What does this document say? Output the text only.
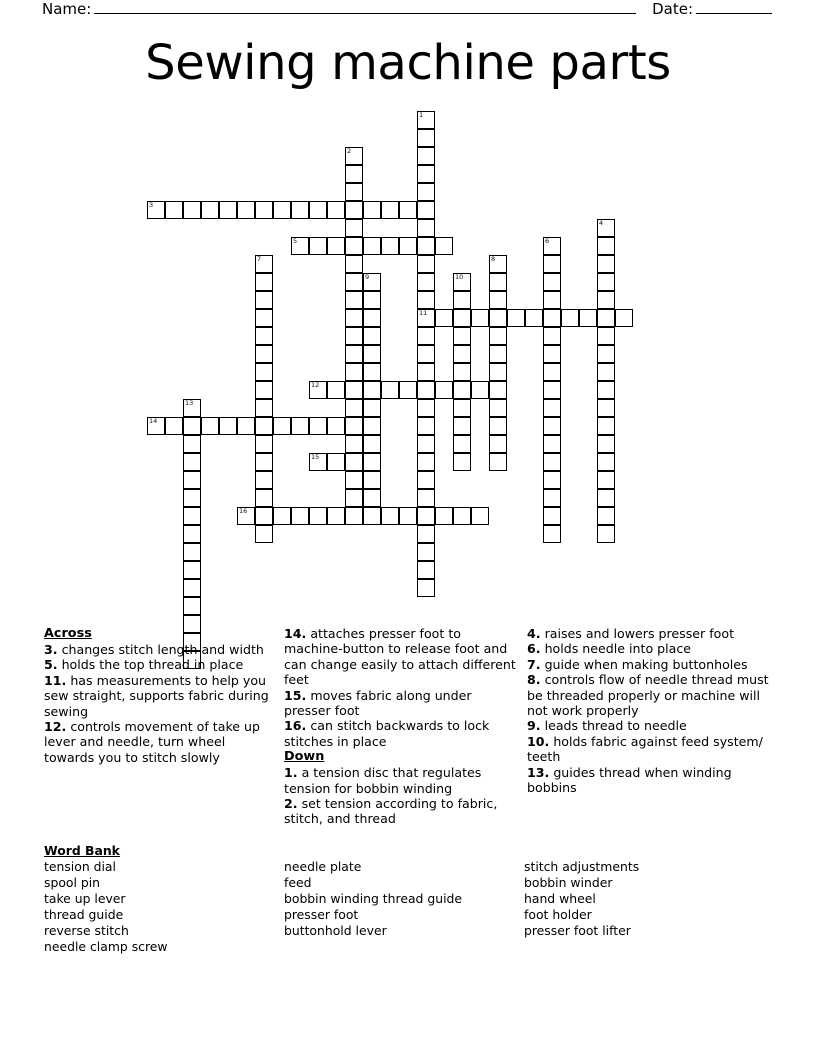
Name:	Date:
Sewing machine parts
1
11
2
3
4
5	6
7	8
9	10
12
13
14
15
16
Across
3. changes stitch length and width
5. holds the top thread in place
11. has measurements to help you sew straight, supports fabric during sewing
12. controls movement of take up lever and needle, turn wheel towards you to stitch slowly
14. attaches presser foot to machine-button to release foot and can change easily to attach different feet
15. moves fabric along under presser foot
16. can stitch backwards to lock stitches in place
Down
1. a tension disc that regulates tension for bobbin winding
2. set tension according to fabric, stitch, and thread
4. raises and lowers presser foot
6. holds needle into place
7. guide when making buttonholes
8. controls flow of needle thread must be threaded properly or machine will not work properly
9. leads thread to needle
10. holds fabric against feed system/ teeth
13. guides thread when winding bobbins
Word Bank
tension dial
spool pin
take up lever
thread guide
reverse stitch
needle clamp screw
needle plate
feed
bobbin winding thread guide
presser foot
buttonhold lever
stitch adjustments
bobbin winder
hand wheel
foot holder
presser foot lifter
